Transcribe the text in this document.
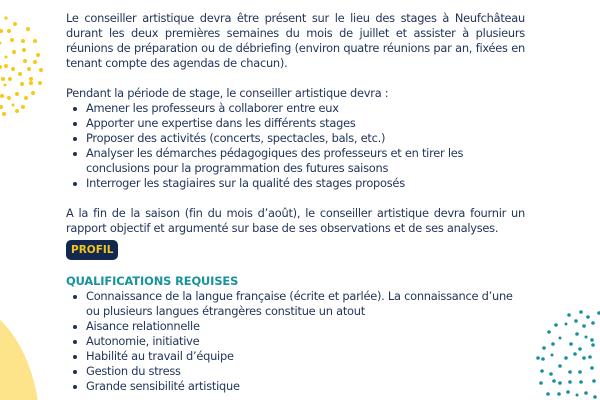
Le conseiller artistique devra être présent sur le lieu des stages à Neufchâteau durant les deux premières semaines du mois de juillet et assister à plusieurs réunions de préparation ou de débriefing (environ quatre réunions par an, fixées en tenant compte des agendas de chacun).

Pendant la période de stage, le conseiller artistique devra :

Amener les professeurs à collaborer entre eux
Apporter une expertise dans les différents stages
Proposer des activités (concerts, spectacles, bals, etc.)
Analyser les démarches pédagogiques des professeurs et en tirer les conclusions pour la programmation des futures saisons
Interroger les stagiaires sur la qualité des stages proposés

A la fin de la saison (fin du mois d’août), le conseiller artistique devra fournir un rapport objectif et argumenté sur base de ses observations et de ses analyses.

PROFIL
QUALIFICATIONS REQUISES
Connaissance de la langue française (écrite et parlée). La connaissance d’une ou plusieurs langues étrangères constitue un atout
Aisance relationnelle
Autonomie, initiative
Habilité au travail d’équipe
Gestion du stress
Grande sensibilité artistique
